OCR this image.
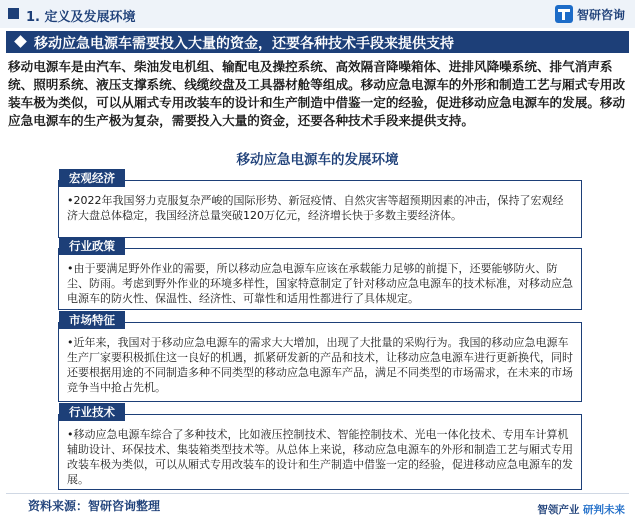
1. 定义及发展环境	智研咨询
移动应急电源车需要投入大量的资金，还要各种技术手段来提供支持
移动电源车是由汽车、柴油发电机组、输配电及操控系统、高效隔音降噪箱体、进排风降噪系统、排气消声系统、照明系统、液压支撑系统、线缆绞盘及工具器材舱等组成。移动应急电源车的外形和制造工艺与厢式专用改装车极为类似，可以从厢式专用改装车的设计和生产制造中借鉴一定的经验，促进移动应急电源车的发展。移动应急电源车的生产极为复杂，需要投入大量的资金，还要各种技术手段来提供支持。
移动应急电源车的发展环境
宏观经济
•2022年我国努力克服复杂严峻的国际形势、新冠疫情、自然灾害等超预期因素的冲击，保持了宏观经济大盘总体稳定，我国经济总量突破120万亿元，经济增长快于多数主要经济体。
行业政策
•由于要满足野外作业的需要，所以移动应急电源车应该在承载能力足够的前提下，还要能够防火、防尘、防雨。考虑到野外作业的环境多样性，国家特意制定了针对移动应急电源车的技术标准，对移动应急电源车的防火性、保温性、经济性、可靠性和适用性都进行了具体规定。
市场特征
•近年来，我国对于移动应急电源车的需求大大增加，出现了大批量的采购行为。我国的移动应急电源车生产厂家要积极抓住这一良好的机遇，抓紧研发新的产品和技术，让移动应急电源车进行更新换代，同时还要根据用途的不同制造多种不同类型的移动应急电源车产品，满足不同类型的市场需求，在未来的市场竞争当中抢占先机。
行业技术
•移动应急电源车综合了多种技术，比如液压控制技术、智能控制技术、光电一体化技术、专用车计算机辅助设计、环保技术、集装箱类型技术等。从总体上来说，移动应急电源车的外形和制造工艺与厢式专用改装车极为类似，可以从厢式专用改装车的设计和生产制造中借鉴一定的经验，促进移动应急电源车的发展。
资料来源：智研咨询整理	智领产业 研判未来
